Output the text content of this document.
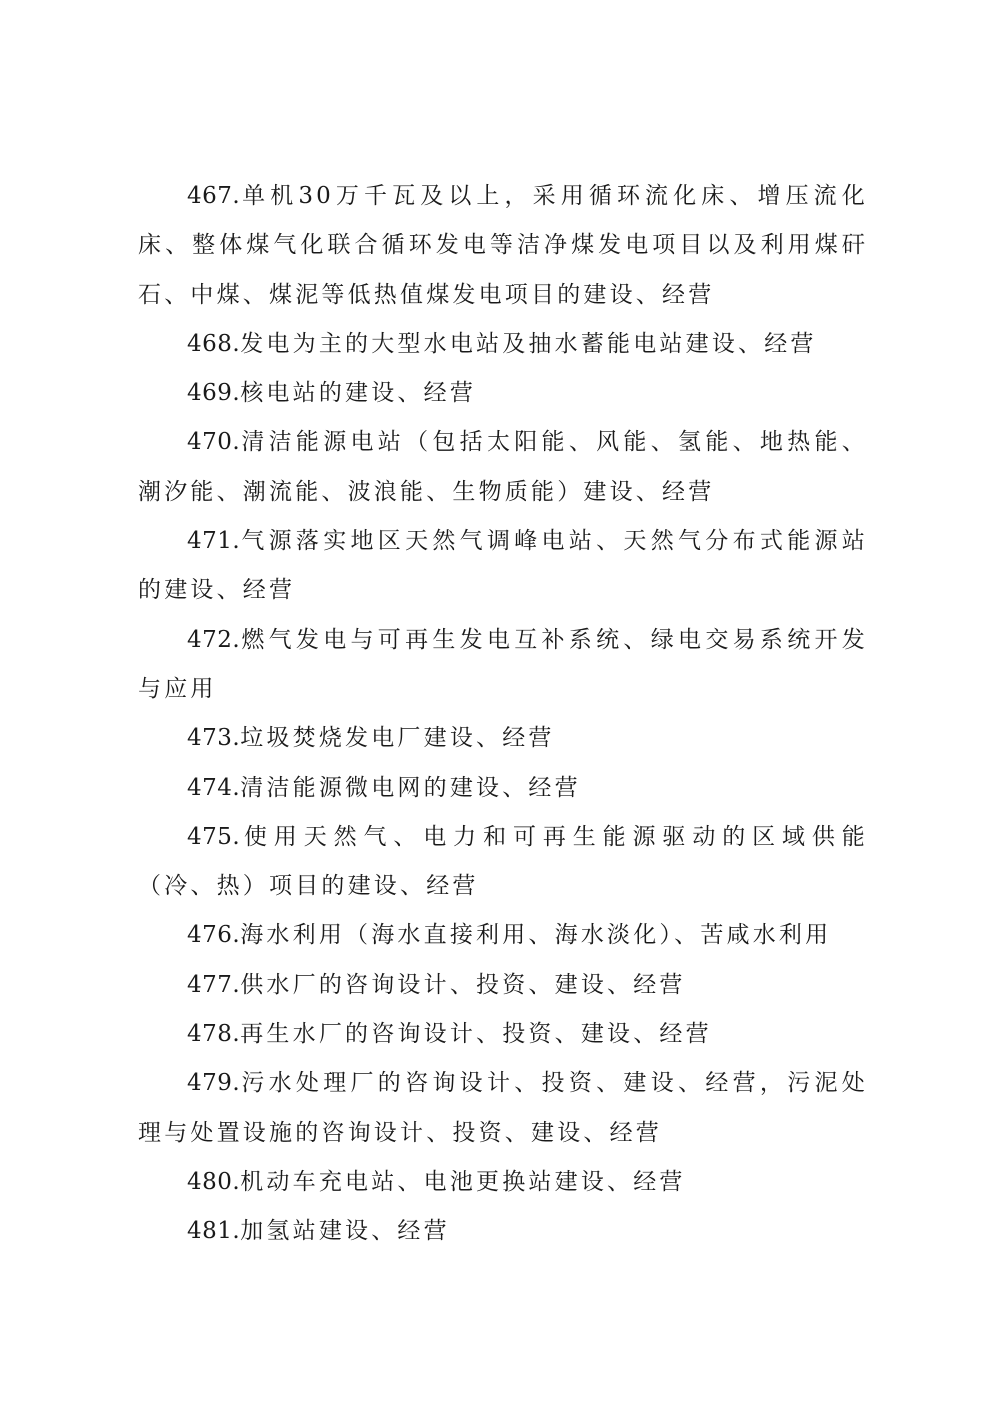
467.单机30万千瓦及以上，采用循环流化床、增压流化床、整体煤气化联合循环发电等洁净煤发电项目以及利用煤矸石、中煤、煤泥等低热值煤发电项目的建设、经营

468.发电为主的大型水电站及抽水蓄能电站建设、经营

469.核电站的建设、经营

470.清洁能源电站（包括太阳能、风能、氢能、地热能、潮汐能、潮流能、波浪能、生物质能）建设、经营

471.气源落实地区天然气调峰电站、天然气分布式能源站的建设、经营

472.燃气发电与可再生发电互补系统、绿电交易系统开发与应用

473.垃圾焚烧发电厂建设、经营

474.清洁能源微电网的建设、经营

475.使用天然气、电力和可再生能源驱动的区域供能（冷、热）项目的建设、经营

476.海水利用（海水直接利用、海水淡化）、苦咸水利用

477.供水厂的咨询设计、投资、建设、经营

478.再生水厂的咨询设计、投资、建设、经营

479.污水处理厂的咨询设计、投资、建设、经营，污泥处理与处置设施的咨询设计、投资、建设、经营

480.机动车充电站、电池更换站建设、经营

481.加氢站建设、经营
